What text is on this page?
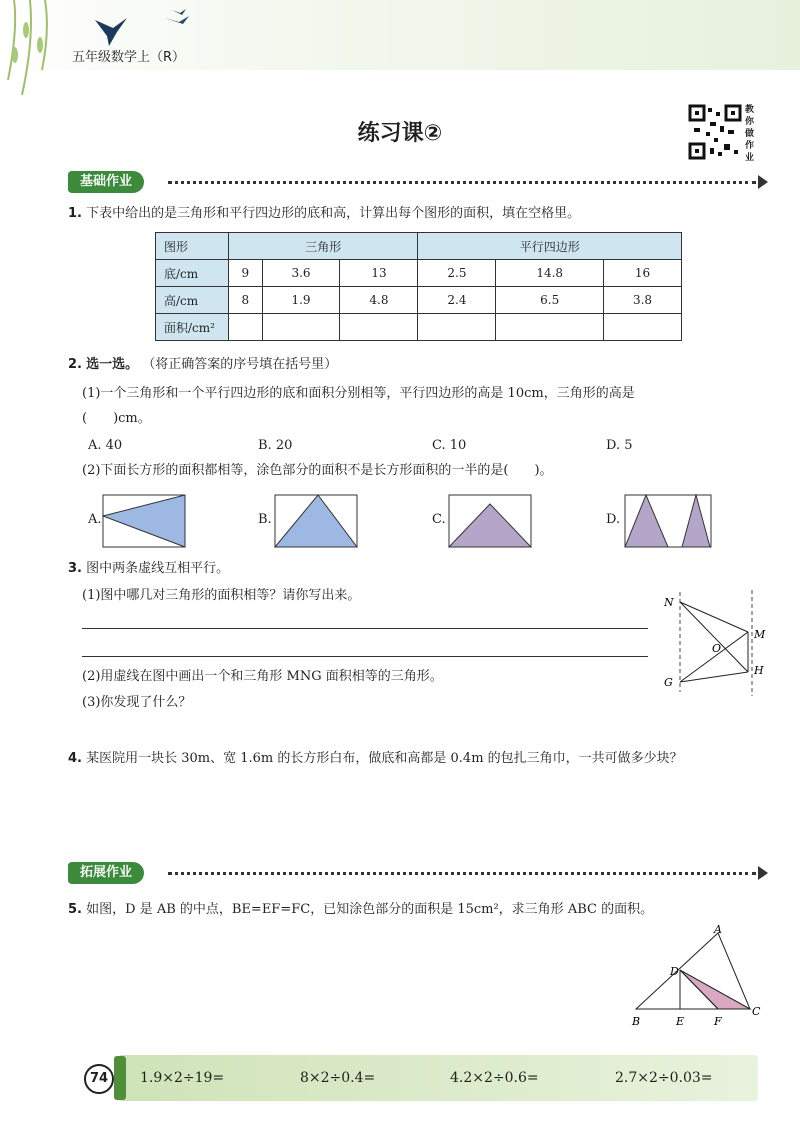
五年级数学上（R）
练习课②
教你做作业
基础作业
1. 下表中给出的是三角形和平行四边形的底和高，计算出每个图形的面积，填在空格里。
图形	三角形			平行四边形		
底/cm	9	3.6	13	2.5	14.8	16
高/cm	8	1.9	4.8	2.4	6.5	3.8
面积/cm²						
2. 选一选。 （将正确答案的序号填在括号里）
(1)一个三角形和一个平行四边形的底和面积分别相等，平行四边形的高是 10cm，三角形的高是
(　　)cm。
A. 40	B. 20	C. 10	D. 5
(2)下面长方形的面积都相等，涂色部分的面积不是长方形面积的一半的是(　　)。
A.	B.	C.	D.
3. 图中两条虚线互相平行。
(1)图中哪几对三角形的面积相等？请你写出来。
(2)用虚线在图中画出一个和三角形 MNG 面积相等的三角形。
(3)你发现了什么？
N
M
O
H
G
4. 某医院用一块长 30m、宽 1.6m 的长方形白布，做底和高都是 0.4m 的包扎三角巾，一共可做多少块？
拓展作业
5. 如图，D 是 AB 的中点，BE=EF=FC，已知涂色部分的面积是 15cm²，求三角形 ABC 的面积。
A
D
B	E	F
C
74	1.9×2÷19=	8×2÷0.4=	4.2×2÷0.6=	2.7×2÷0.03=
